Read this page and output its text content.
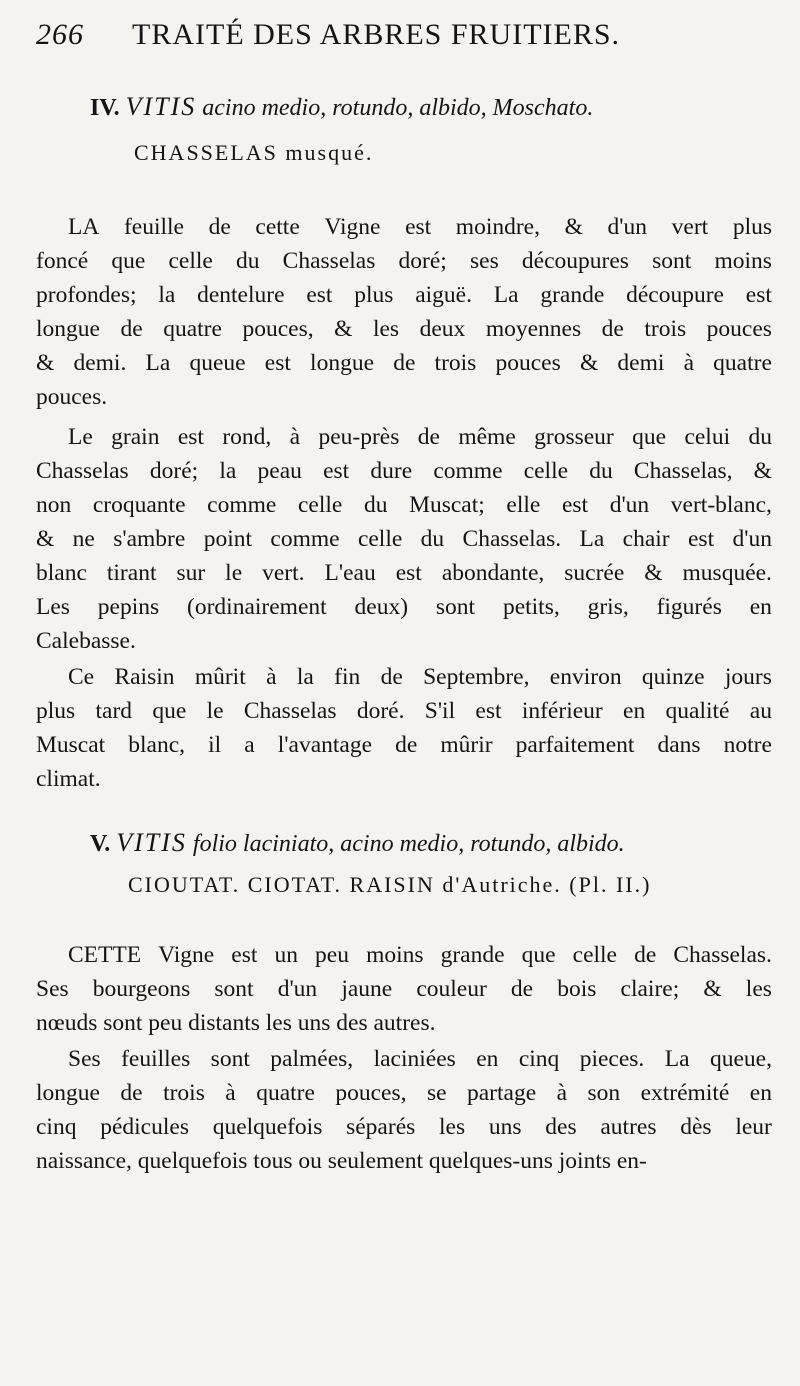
266 TRAITÉ DES ARBRES FRUITIERS.
IV. VITIS acino medio, rotundo, albido, Moschato.
CHASSELAS musqué.
LA feuille de cette Vigne est moindre, & d'un vert plus
foncé que celle du Chasselas doré; ses découpures sont moins
profondes; la dentelure est plus aiguë. La grande découpure est
longue de quatre pouces, & les deux moyennes de trois pouces
& demi. La queue est longue de trois pouces & demi à quatre
pouces.
Le grain est rond, à peu-près de même grosseur que celui du
Chasselas doré; la peau est dure comme celle du Chasselas, &
non croquante comme celle du Muscat; elle est d'un vert-blanc,
& ne s'ambre point comme celle du Chasselas. La chair est d'un
blanc tirant sur le vert. L'eau est abondante, sucrée & musquée.
Les pepins (ordinairement deux) sont petits, gris, figurés en
Calebasse.
Ce Raisin mûrit à la fin de Septembre, environ quinze jours
plus tard que le Chasselas doré. S'il est inférieur en qualité au
Muscat blanc, il a l'avantage de mûrir parfaitement dans notre
climat.
V. VITIS folio laciniato, acino medio, rotundo, albido.
CIOUTAT. CIOTAT. RAISIN d'Autriche. (Pl. II.)
CETTE Vigne est un peu moins grande que celle de Chasselas.
Ses bourgeons sont d'un jaune couleur de bois claire; & les
nœuds sont peu distants les uns des autres.
Ses feuilles sont palmées, laciniées en cinq pieces. La queue,
longue de trois à quatre pouces, se partage à son extrémité en
cinq pédicules quelquefois séparés les uns des autres dès leur
naissance, quelquefois tous ou seulement quelques-uns joints en-
